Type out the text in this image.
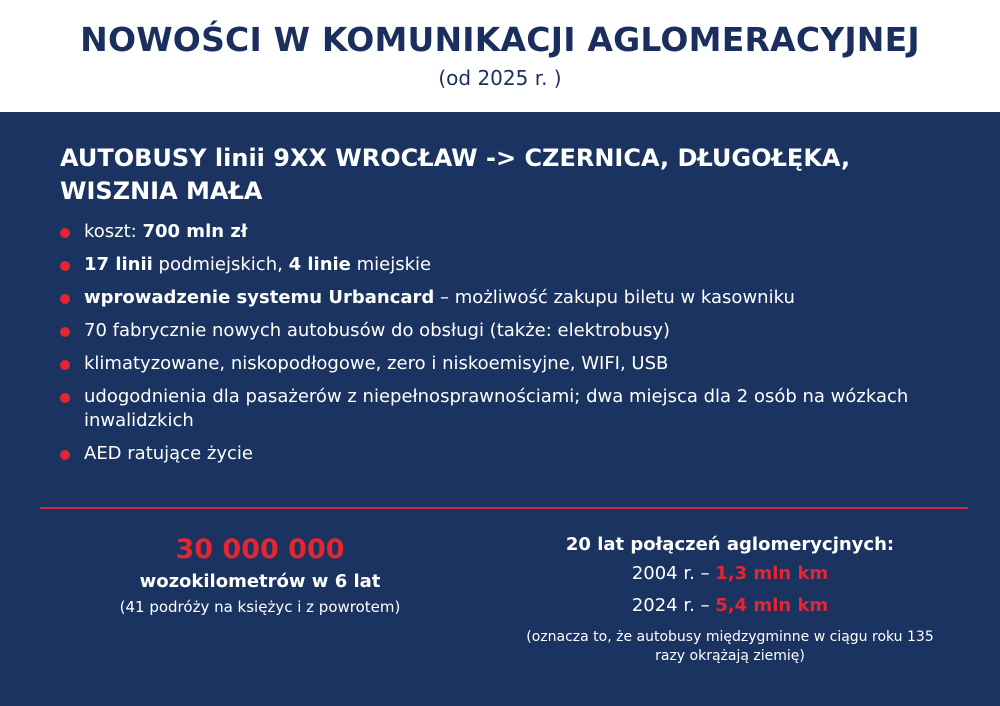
NOWOŚCI W KOMUNIKACJI AGLOMERACYJNEJ
(od 2025 r. )
AUTOBUSY linii 9XX WROCŁAW -> CZERNICA, DŁUGOŁĘKA, WISZNIA MAŁA
koszt: 700 mln zł
17 linii podmiejskich, 4 linie miejskie
wprowadzenie systemu Urbancard – możliwość zakupu biletu w kasowniku
70 fabrycznie nowych autobusów do obsługi (także: elektrobusy)
klimatyzowane, niskopodłogowe, zero i niskoemisyjne, WIFI, USB
udogodnienia dla pasażerów z niepełnosprawnościami; dwa miejsca dla 2 osób na wózkach inwalidzkich
AED ratujące życie
30 000 000
wozokilometrów w 6 lat
(41 podróży na księżyc i z powrotem)
20 lat połączeń aglomerycjnych:
2004 r. – 1,3 mln km
2024 r. – 5,4 mln km
(oznacza to, że autobusy międzygminne w ciągu roku 135 razy okrążają ziemię)
